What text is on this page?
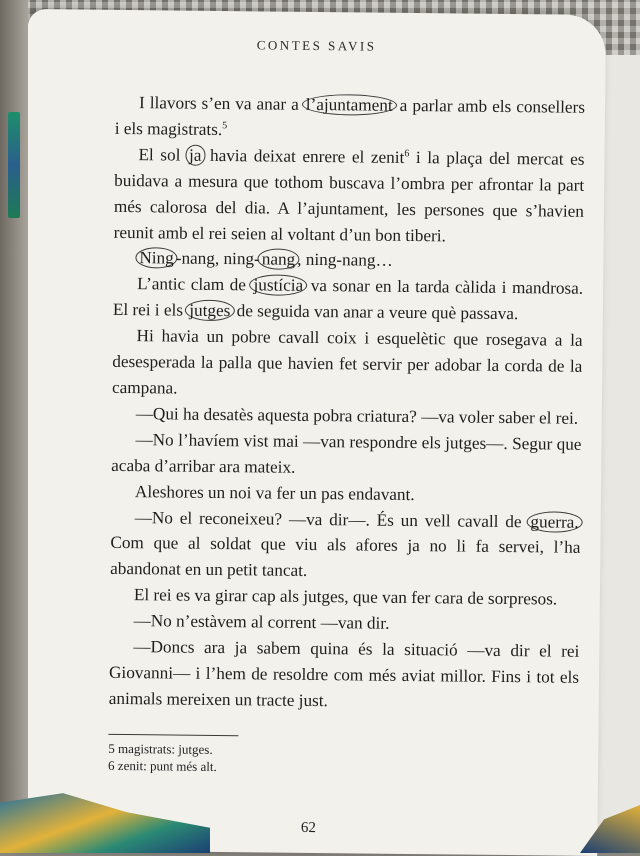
CONTES SAVIS

I llavors s’en va anar a l’ajuntament a parlar amb els consellers i els magistrats.$^5$

El sol ja havia deixat enrere el zenit$^6$ i la plaça del mercat es buidava a mesura que tothom buscava l’ombra per afrontar la part més calorosa del dia. A l’ajuntament, les persones que s’havien reunit amb el rei seien al voltant d’un bon tiberi.

Ning -nang, ning- nang , ning-nang…

L’antic clam de justícia va sonar en la tarda càlida i mandrosa. El rei i els jutges de seguida van anar a veure què passava.

Hi havia un pobre cavall coix i esquelètic que rosegava a la desesperada la palla que havien fet servir per adobar la corda de la campana.

—Qui ha desatès aquesta pobra criatura? —va voler saber el rei.

—No l’havíem vist mai —van respondre els jutges—. Segur que acaba d’arribar ara mateix.

Aleshores un noi va fer un pas endavant.

—No el reconeixeu? —va dir—. És un vell cavall de guerra. Com que al soldat que viu als afores ja no li fa servei, l’ha abandonat en un petit tancat.

El rei es va girar cap als jutges, que van fer cara de sorpresos.

—No n’estàvem al corrent —van dir.

—Doncs ara ja sabem quina és la situació —va dir el rei Giovanni— i l’hem de resoldre com més aviat millor. Fins i tot els animals mereixen un tracte just.

5 magistrats: jutges.
6 zenit: punt més alt.
62
